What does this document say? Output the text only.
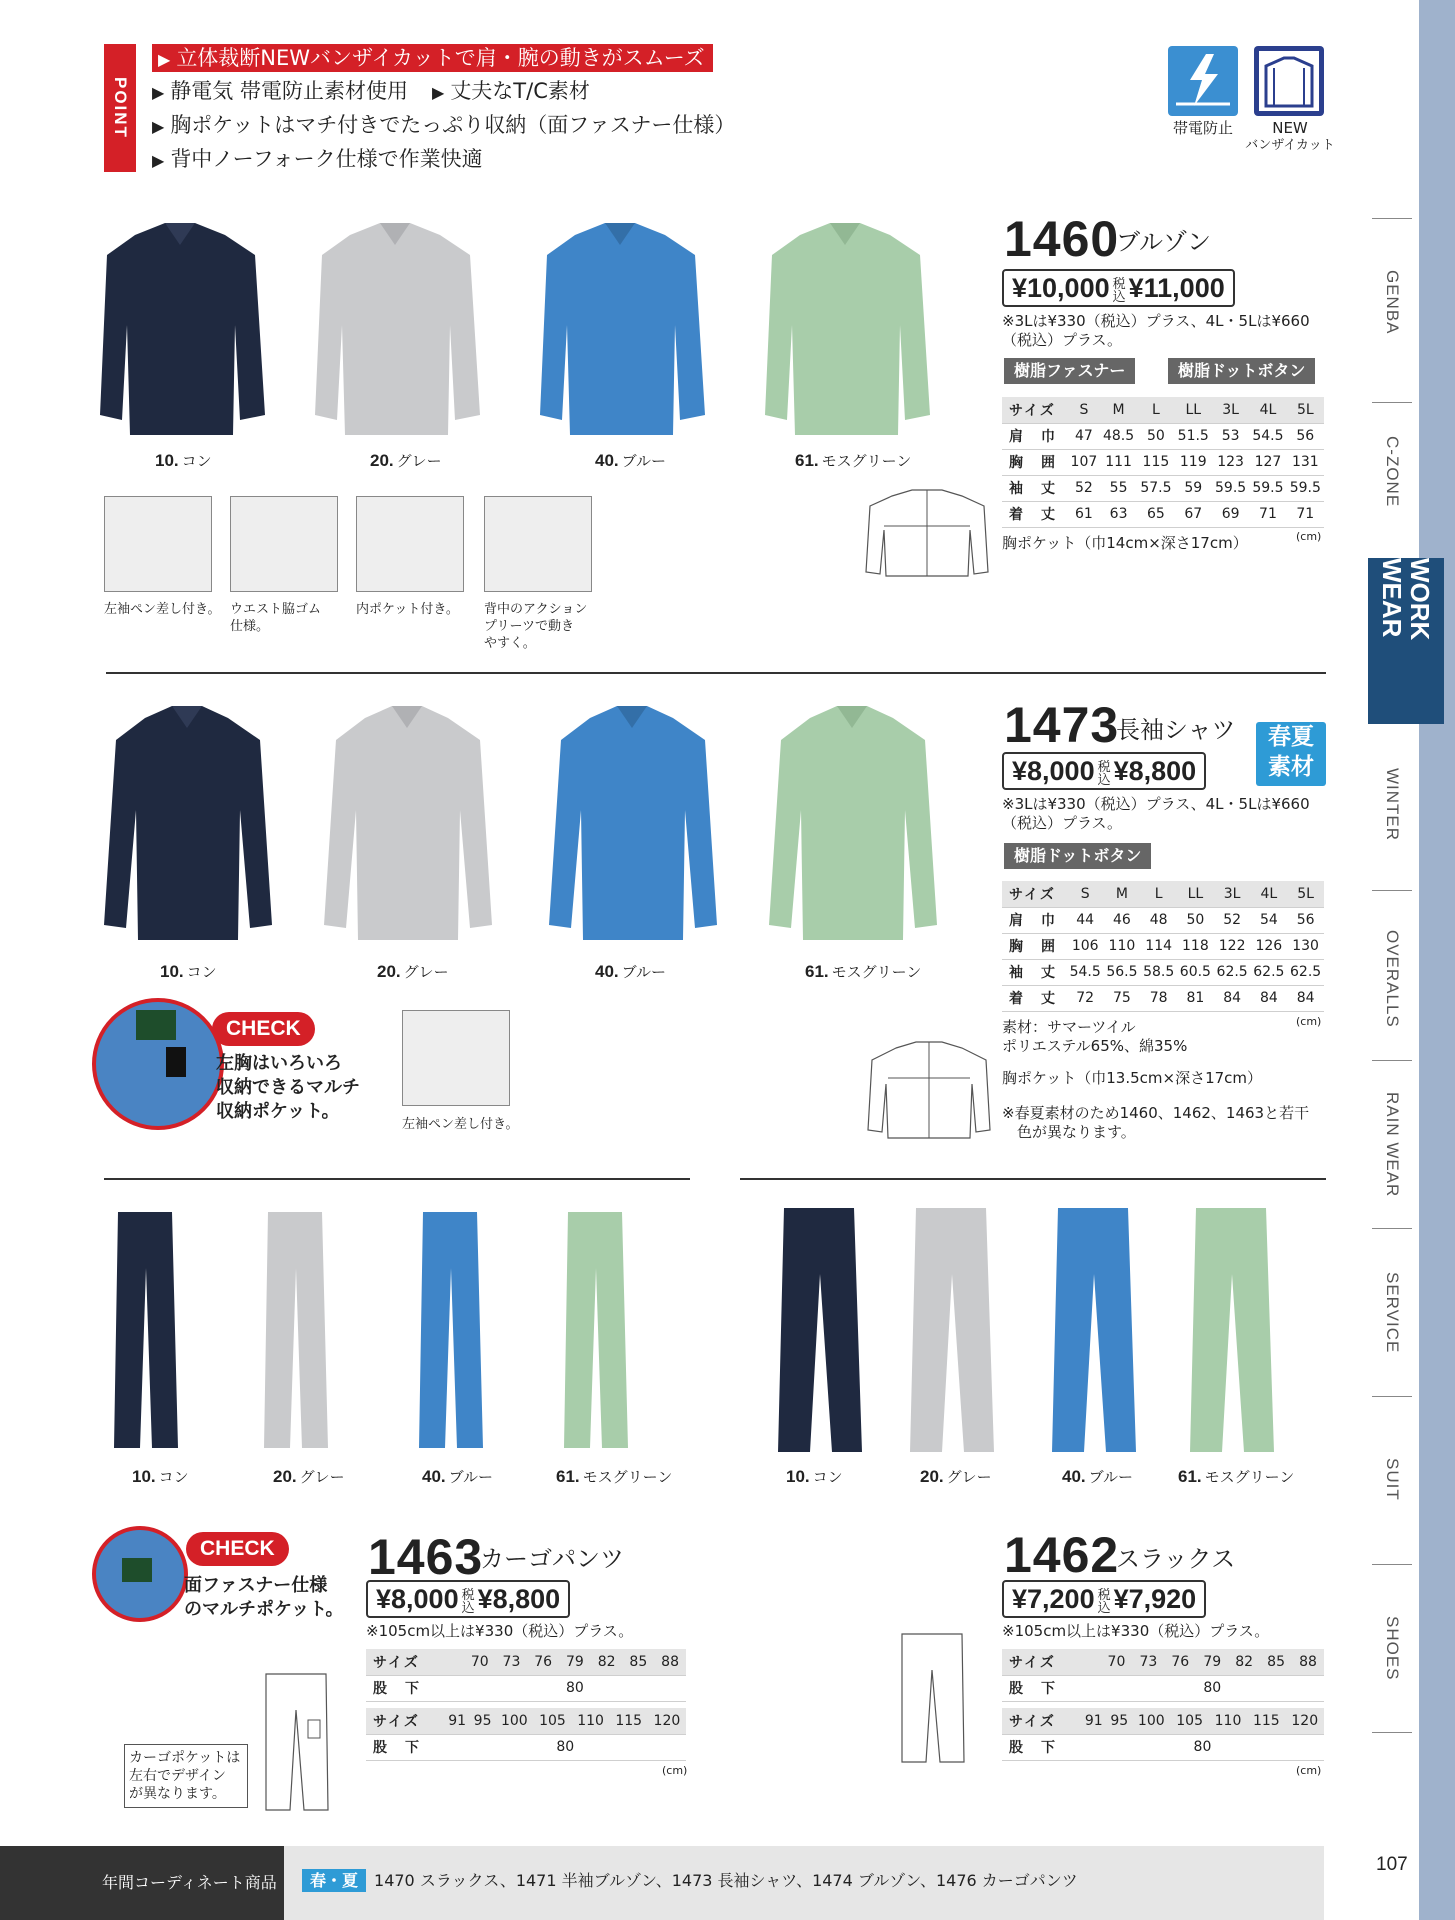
POINT
▶ 立体裁断NEWバンザイカットで肩・腕の動きがスムーズ
▶ 静電気 帯電防止素材使用 ▶ 丈夫なT/C素材
▶ 胸ポケットはマチ付きでたっぷり収納（面ファスナー仕様）
▶ 背中ノーフォーク仕様で作業快適
帯電防止	NEW
バンザイカット
10. コン	20. グレー	40. ブルー	61. モスグリーン
左袖ペン差し付き。 ウエスト脇ゴム
仕様。
内ポケット付き。 背中のアクション
プリーツで動き
やすく。
1460
ブルゾン
¥10,000 税
込 ¥11,000
※3Lは¥330（税込）プラス、4L・5Lは¥660
（税込）プラス。
樹脂ファスナー	樹脂ドットボタン
サイズ	S	M	L	LL	3L	4L	5L
肩　巾	47	48.5	50	51.5	53	54.5	56
胸　囲	107	111	115	119	123	127	131
袖　丈	52	55	57.5	59	59.5	59.5	59.5
着　丈	61	63	65	67	69	71	71
(cm)
胸ポケット（巾14cm×深さ17cm）
10. コン	20. グレー	40. ブルー	61. モスグリーン
CHECK
左胸はいろいろ
収納できるマルチ
収納ポケット。
左袖ペン差し付き。
1473
長袖シャツ	春夏
素材
¥8,000 税
込 ¥8,800
※3Lは¥330（税込）プラス、4L・5Lは¥660
（税込）プラス。
樹脂ドットボタン
サイズ	S	M	L	LL	3L	4L	5L
肩　巾	44	46	48	50	52	54	56
胸　囲	106	110	114	118	122	126	130
袖　丈	54.5	56.5	58.5	60.5	62.5	62.5	62.5
着　丈	72	75	78	81	84	84	84
(cm)
素材：サマーツイル
ポリエステル65%、綿35%
胸ポケット（巾13.5cm×深さ17cm）
※春夏素材のため1460、1462、1463と若干
　色が異なります。
10. コン	20. グレー	40. ブルー	61. モスグリーン	10. コン	20. グレー	40. ブルー	61. モスグリーン
CHECK
面ファスナー仕様
のマルチポケット。
カーゴポケットは
左右でデザイン
が異なります。
1463
カーゴパンツ
¥8,000 税
込 ¥8,800
※105cm以上は¥330（税込）プラス。
サイズ	70	73	76	79	82	85	88
股　下	80						
サイズ	91	95	100	105	110	115	120
股　下	80						
(cm)
1462
スラックス
¥7,200 税
込 ¥7,920
※105cm以上は¥330（税込）プラス。
サイズ	70	73	76	79	82	85	88
股　下	80						
サイズ	91	95	100	105	110	115	120
股　下	80						
(cm)
GENBA
C-ZONE
WORK WEAR
WINTER
OVERALLS
RAIN WEAR
SERVICE
SUIT
SHOES
年間コーディネート商品	春・夏 1470 スラックス、1471 半袖ブルゾン、1473 長袖シャツ、1474 ブルゾン、1476 カーゴパンツ
107
